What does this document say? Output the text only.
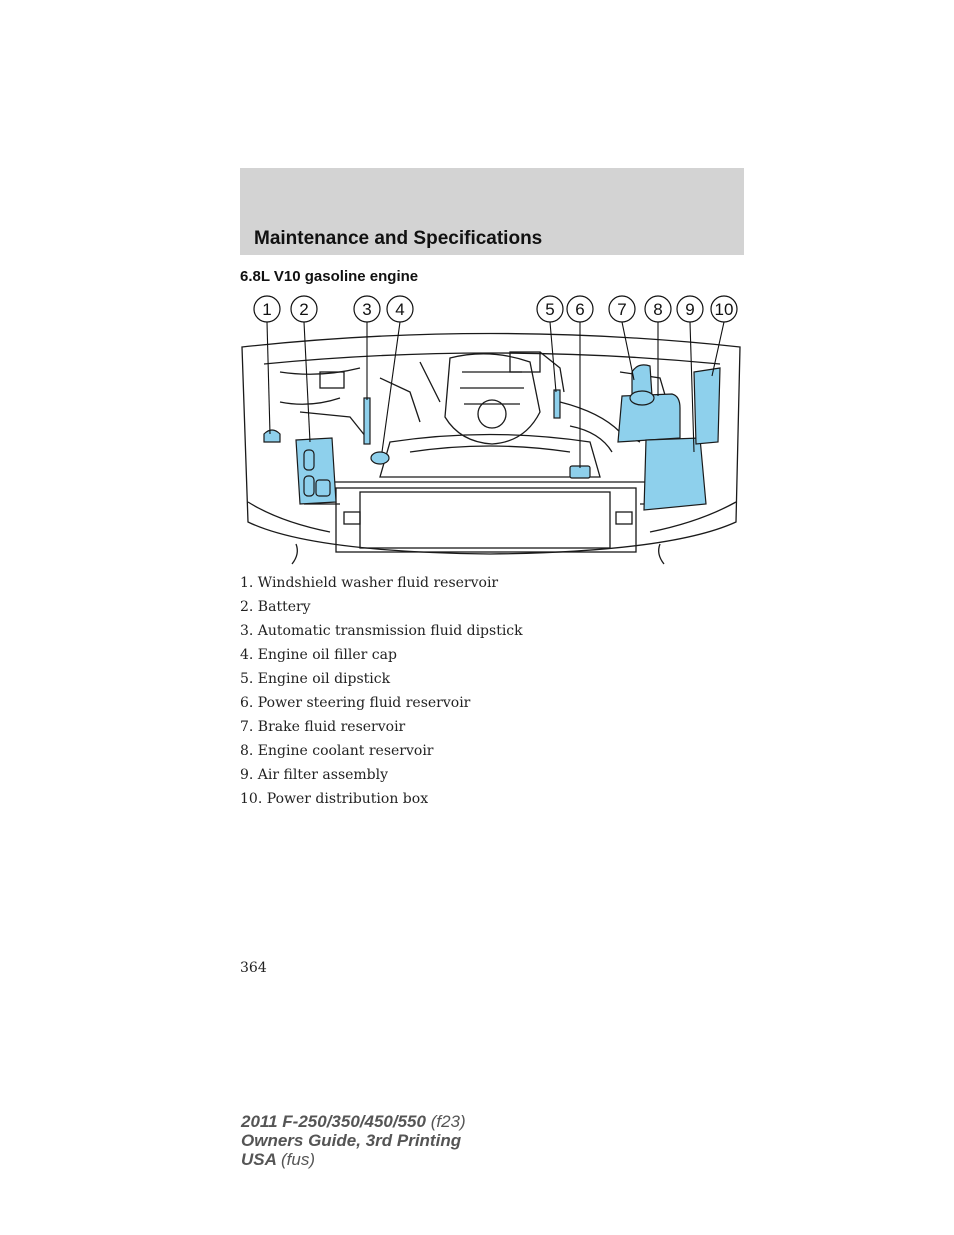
Maintenance and Specifications
6.8L V10 gasoline engine
1 2	3 4	5 6 7 8 9 10
1. Windshield washer fluid reservoir
2. Battery
3. Automatic transmission fluid dipstick
4. Engine oil filler cap
5. Engine oil dipstick
6. Power steering fluid reservoir
7. Brake fluid reservoir
8. Engine coolant reservoir
9. Air filter assembly
10. Power distribution box
364
2011 F-250/350/450/550 (f23)
Owners Guide, 3rd Printing
USA (fus)
